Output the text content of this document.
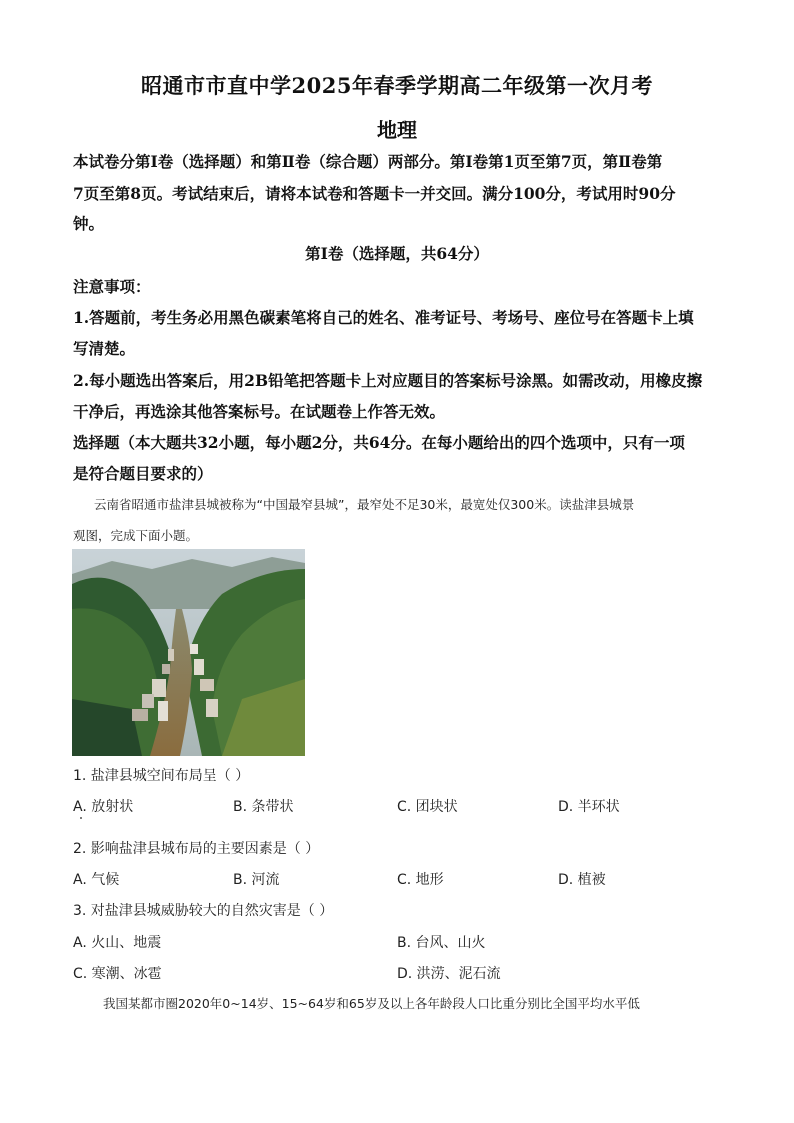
昭通市市直中学2025年春季学期高二年级第一次月考
地理
本试卷分第Ⅰ卷（选择题）和第Ⅱ卷（综合题）两部分。第Ⅰ卷第1页至第7页，第Ⅱ卷第
7页至第8页。考试结束后，请将本试卷和答题卡一并交回。满分100分，考试用时90分
钟。
第Ⅰ卷（选择题，共64分）
注意事项：
1.答题前，考生务必用黑色碳素笔将自己的姓名、准考证号、考场号、座位号在答题卡上填
写清楚。
2.每小题选出答案后，用2B铅笔把答题卡上对应题目的答案标号涂黑。如需改动，用橡皮擦
干净后，再选涂其他答案标号。在试题卷上作答无效。
选择题（本大题共32小题，每小题2分，共64分。在每小题给出的四个选项中，只有一项
是符合题目要求的）
云南省昭通市盐津县城被称为“中国最窄县城”，最窄处不足30米，最宽处仅300米。读盐津县城景
观图，完成下面小题。
1. 盐津县城空间布局呈（ ）
A. 放射状	B. 条带状	C. 团块状	D. 半环状
2. 影响盐津县城布局的主要因素是（ ）
A. 气候	B. 河流	C. 地形	D. 植被
3. 对盐津县城威胁较大的自然灾害是（ ）
A. 火山、地震	B. 台风、山火
C. 寒潮、冰雹	D. 洪涝、泥石流
我国某都市圈2020年0~14岁、15~64岁和65岁及以上各年龄段人口比重分别比全国平均水平低
